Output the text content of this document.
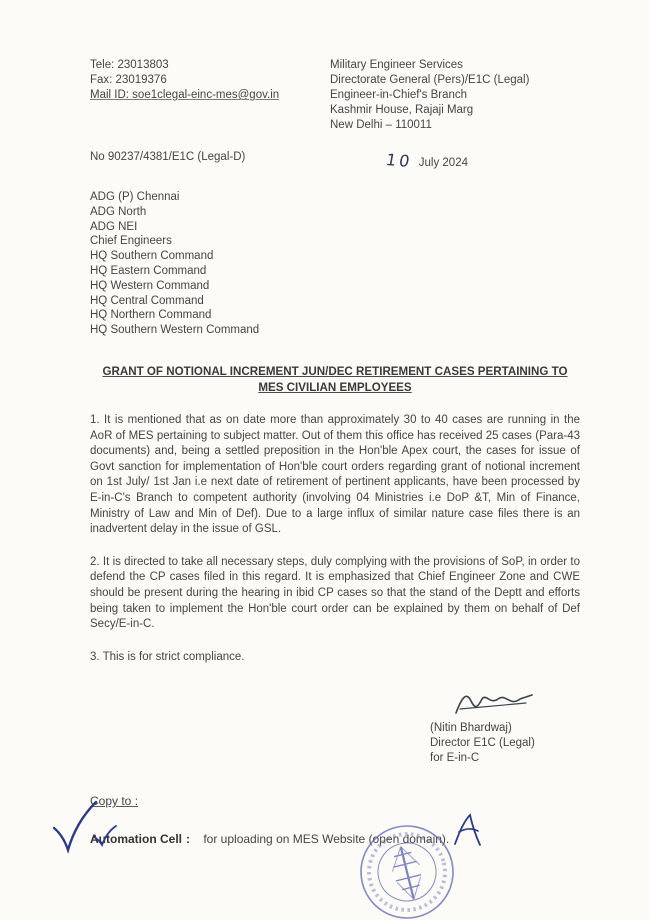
Tele: 23013803
Fax: 23019376
Mail ID: soe1clegal-einc-mes@gov.in
Military Engineer Services
Directorate General (Pers)/E1C (Legal)
Engineer-in-Chief's Branch
Kashmir House, Rajaji Marg
New Delhi – 110011
No 90237/4381/E1C (Legal-D)	10 July 2024
ADG (P) Chennai
ADG North
ADG NEI
Chief Engineers
HQ Southern Command
HQ Eastern Command
HQ Western Command
HQ Central Command
HQ Northern Command
HQ Southern Western Command
GRANT OF NOTIONAL INCREMENT JUN/DEC RETIREMENT CASES PERTAINING TO MES CIVILIAN EMPLOYEES
1. It is mentioned that as on date more than approximately 30 to 40 cases are running in the AoR of MES pertaining to subject matter. Out of them this office has received 25 cases (Para-43 documents) and, being a settled preposition in the Hon'ble Apex court, the cases for issue of Govt sanction for implementation of Hon'ble court orders regarding grant of notional increment on 1st July/ 1st Jan i.e next date of retirement of pertinent applicants, have been processed by E-in-C's Branch to competent authority (involving 04 Ministries i.e DoP &T, Min of Finance, Ministry of Law and Min of Def). Due to a large influx of similar nature case files there is an inadvertent delay in the issue of GSL.
2. It is directed to take all necessary steps, duly complying with the provisions of SoP, in order to defend the CP cases filed in this regard. It is emphasized that Chief Engineer Zone and CWE should be present during the hearing in ibid CP cases so that the stand of the Deptt and efforts being taken to implement the Hon'ble court order can be explained by them on behalf of Def Secy/E-in-C.
3. This is for strict compliance.
(Nitin Bhardwaj)
Director E1C (Legal)
for E-in-C
Copy to :
Automation Cell : for uploading on MES Website (open domain).
